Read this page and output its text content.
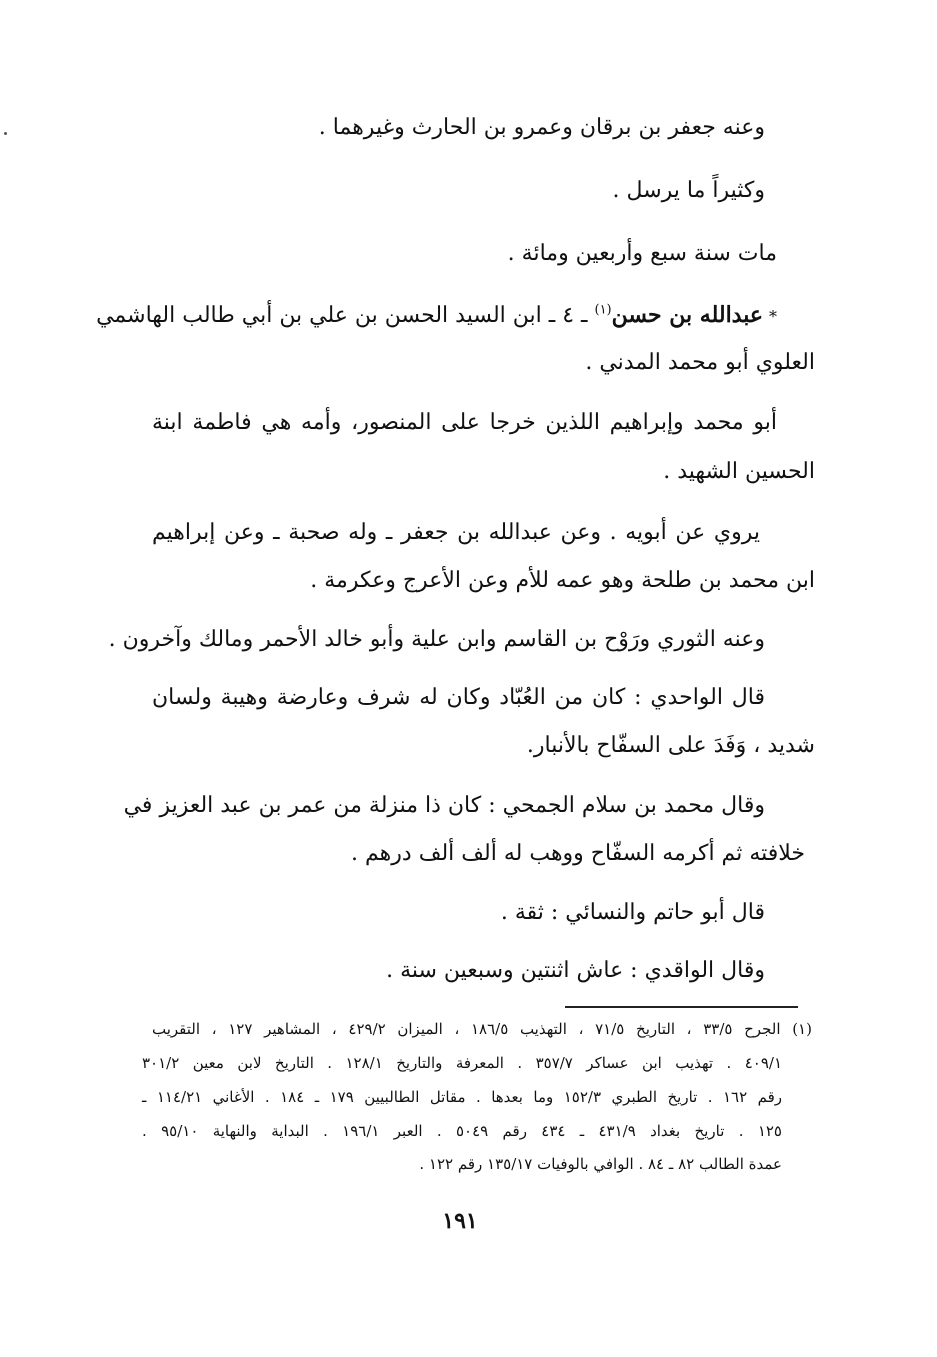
وعنه جعفر بن برقان وعمرو بن الحارث وغيرهما .
وكثيراً ما يرسل .
مات سنة سبع وأربعين ومائة .
*عبدالله بن حسن$^{(١)}$ ـ ٤ ـ ابن السيد الحسن بن علي بن أبي طالب الهاشمي
العلوي أبو محمد المدني .
أبو محمد وإبراهيم اللذين خرجا على المنصور، وأمه هي فاطمة ابنة
الحسين الشهيد .
يروي عن أبويه . وعن عبدالله بن جعفر ـ وله صحبة ـ وعن إبراهيم
ابن محمد بن طلحة وهو عمه للأم وعن الأعرج وعكرمة .
وعنه الثوري ورَوْح بن القاسم وابن علية وأبو خالد الأحمر ومالك وآخرون .
قال الواحدي : كان من العُبّاد وكان له شرف وعارضة وهيبة ولسان
شديد ، وَفَدَ على السفّاح بالأنبار.
وقال محمد بن سلام الجمحي : كان ذا منزلة من عمر بن عبد العزيز في
خلافته ثم أكرمه السفّاح ووهب له ألف ألف درهم .
قال أبو حاتم والنسائي : ثقة .
وقال الواقدي : عاش اثنتين وسبعين سنة .
(١) الجرح ٣٣/٥ ، التاريخ ٧١/٥ ، التهذيب ١٨٦/٥ ، الميزان ٤٢٩/٢ ، المشاهير ١٢٧ ، التقريب
٤٠٩/١ . تهذيب ابن عساكر ٣٥٧/٧ . المعرفة والتاريخ ١٢٨/١ . التاريخ لابن معين ٣٠١/٢
رقم ١٦٢ . تاريخ الطبري ١٥٢/٣ وما بعدها . مقاتل الطالبيين ١٧٩ ـ ١٨٤ . الأغاني ١١٤/٢١ ـ
١٢٥ . تاريخ بغداد ٤٣١/٩ ـ ٤٣٤ رقم ٥٠٤٩ . العبر ١٩٦/١ . البداية والنهاية ٩٥/١٠ .
عمدة الطالب ٨٢ ـ ٨٤ . الوافي بالوفيات ١٣٥/١٧ رقم ١٢٢ .
١٩١
